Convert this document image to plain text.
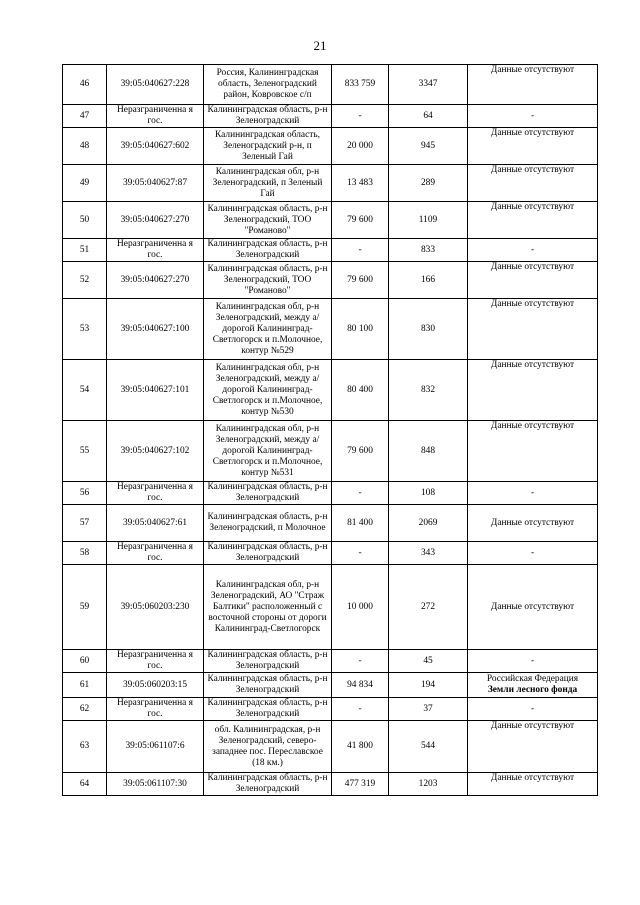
21
46	39:05:040627:228	Россия, Калининградская область, Зеленоградский район, Ковровское с/п	833 759	3347	Данные отсутствуют
47	Неразграниченна я гос.	Калининградская область, р-н Зеленоградский	-	64	-
48	39:05:040627:602	Калининградская область, Зеленоградский р-н, п Зеленый Гай	20 000	945	Данные отсутствуют
49	39:05:040627:87	Калининградская обл, р-н Зеленоградский, п Зеленый Гай	13 483	289	Данные отсутствуют
50	39:05:040627:270	Калининградская область, р-н Зеленоградский, ТОО "Романово"	79 600	1109	Данные отсутствуют
51	Неразграниченна я гос.	Калининградская область, р-н Зеленоградский	-	833	-
52	39:05:040627:270	Калининградская область, р-н Зеленоградский, ТОО "Романово"	79 600	166	Данные отсутствуют
53	39:05:040627:100	Калининградская обл, р-н Зеленоградский, между а/дорогой Калининград-Светлогорск и п.Молочное, контур №529	80 100	830	Данные отсутствуют
54	39:05:040627:101	Калининградская обл, р-н Зеленоградский, между а/дорогой Калининград-Светлогорск и п.Молочное, контур №530	80 400	832	Данные отсутствуют
55	39:05:040627:102	Калининградская обл, р-н Зеленоградский, между а/дорогой Калининград-Светлогорск и п.Молочное, контур №531	79 600	848	Данные отсутствуют
56	Неразграниченна я гос.	Калининградская область, р-н Зеленоградский	-	108	-
57	39:05:040627:61	Калининградская область, р-н Зеленоградский, п Молочное	81 400	2069	Данные отсутствуют
58	Неразграниченна я гос.	Калининградская область, р-н Зеленоградский	-	343	-
59	39:05:060203:230	Калининградская обл, р-н Зеленоградский, АО "Страж Балтики" расположенный с восточной стороны от дороги Калининград-Светлогорск	10 000	272	Данные отсутствуют
60	Неразграниченна я гос.	Калининградская область, р-н Зеленоградский	-	45	-
61	39:05:060203:15	Калининградская область, р-н Зеленоградский	94 834	194	Российская Федерация
Земли лесного фонда

62	Неразграниченна я гос.	Калининградская область, р-н Зеленоградский	-	37	-
63	39:05:061107:6	обл. Калининградская, р-н Зеленоградский, северо-западнее пос. Переславское (18 км.)	41 800	544	Данные отсутствуют
64	39:05:061107:30	Калининградская область, р-н Зеленоградский	477 319	1203	Данные отсутствуют
